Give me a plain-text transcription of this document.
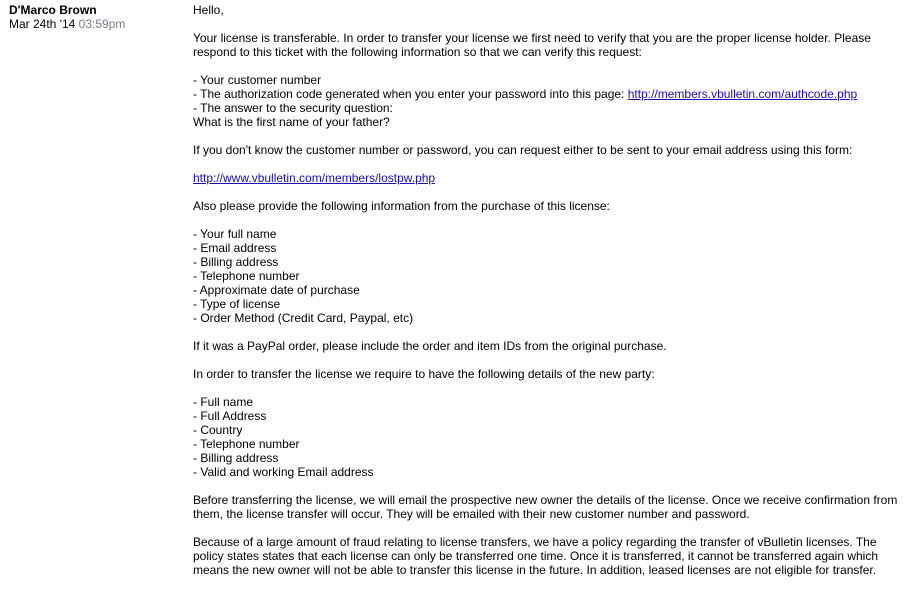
D'Marco Brown
Mar 24th '14 03:59pm

Hello,

Your license is transferable. In order to transfer your license we first need to verify that you are the proper license holder. Please respond to this ticket with the following information so that we can verify this request:

- Your customer number
- The authorization code generated when you enter your password into this page: http://members.vbulletin.com/authcode.php
- The answer to the security question:
What is the first name of your father?

If you don't know the customer number or password, you can request either to be sent to your email address using this form:

http://www.vbulletin.com/members/lostpw.php

Also please provide the following information from the purchase of this license:

- Your full name
- Email address
- Billing address
- Telephone number
- Approximate date of purchase
- Type of license
- Order Method (Credit Card, Paypal, etc)

If it was a PayPal order, please include the order and item IDs from the original purchase.

In order to transfer the license we require to have the following details of the new party:

- Full name
- Full Address
- Country
- Telephone number
- Billing address
- Valid and working Email address

Before transferring the license, we will email the prospective new owner the details of the license. Once we receive confirmation from them, the license transfer will occur. They will be emailed with their new customer number and password.

Because of a large amount of fraud relating to license transfers, we have a policy regarding the transfer of vBulletin licenses. The policy states states that each license can only be transferred one time. Once it is transferred, it cannot be transferred again which means the new owner will not be able to transfer this license in the future. In addition, leased licenses are not eligible for transfer.
